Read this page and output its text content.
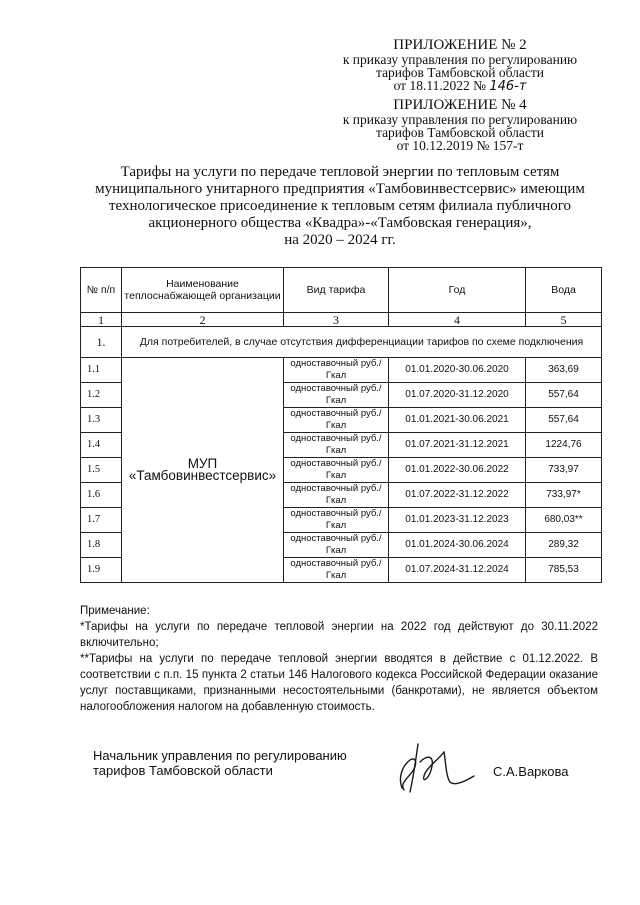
ПРИЛОЖЕНИЕ № 2
к приказу управления по регулированию
тарифов Тамбовской области
от 18.11.2022 № 146-т
ПРИЛОЖЕНИЕ № 4
к приказу управления по регулированию
тарифов Тамбовской области
от 10.12.2019 № 157-т
Тарифы на услуги по передаче тепловой энергии по тепловым сетям
муниципального унитарного предприятия «Тамбовинвестсервис» имеющим
технологическое присоединение к тепловым сетям филиала публичного
акционерного общества «Квадра»-«Тамбовская генерация»,
на 2020 – 2024 гг.
№ п/п	Наименование теплоснабжающей организации	Вид тарифа	Год	Вода
1	2	3	4	5
1.	Для потребителей, в случае отсутствия дифференциации тарифов по схеме подключения			
1.1	МУП «Тамбовинвестсервис»	одноставочный руб./Гкал	01.01.2020-30.06.2020	363,69
1.2		одноставочный руб./Гкал	01.07.2020-31.12.2020	557,64
1.3		одноставочный руб./Гкал	01.01.2021-30.06.2021	557,64
1.4		одноставочный руб./Гкал	01.07.2021-31.12.2021	1224,76
1.5		одноставочный руб./Гкал	01.01.2022-30.06.2022	733,97
1.6		одноставочный руб./Гкал	01.07.2022-31.12.2022	733,97*
1.7		одноставочный руб./Гкал	01.01.2023-31.12.2023	680,03**
1.8		одноставочный руб./Гкал	01.01.2024-30.06.2024	289,32
1.9		одноставочный руб./Гкал	01.07.2024-31.12.2024	785,53

Примечание:

*Тарифы на услуги по передаче тепловой энергии на 2022 год действуют до 30.11.2022 включительно;

**Тарифы на услуги по передаче тепловой энергии вводятся в действие с 01.12.2022. В соответствии с п.п. 15 пункта 2 статьи 146 Налогового кодекса Российской Федерации оказание услуг поставщиками, признанными несостоятельными (банкротами), не является объектом налогообложения налогом на добавленную стоимость.

Начальник управления по регулированию
тарифов Тамбовской области	С.А.Варкова
